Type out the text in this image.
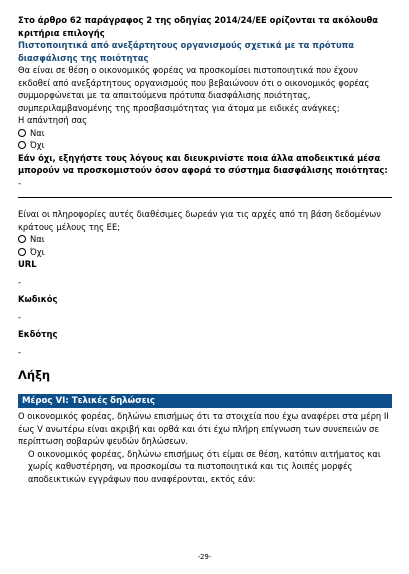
Στο άρθρο 62 παράγραφος 2 της οδηγίας 2014/24/ΕΕ ορίζονται τα ακόλουθα κριτήρια επιλογής

Πιστοποιητικά από ανεξάρτητους οργανισμούς σχετικά με τα πρότυπα διασφάλισης της ποιότητας

Θα είναι σε θέση ο οικονομικός φορέας να προσκομίσει πιστοποιητικά που έχουν εκδοθεί από ανεξάρτητους οργανισμούς που βεβαιώνουν ότι ο οικονομικός φορέας συμμορφώνεται με τα απαιτούμενα πρότυπα διασφάλισης ποιότητας, συμπεριλαμβανομένης της προσβασιμότητας για άτομα με ειδικές ανάγκες;

Η απάντησή σας

Ναι
Όχι

Εάν όχι, εξηγήστε τους λόγους και διευκρινίστε ποια άλλα αποδεικτικά μέσα μπορούν να προσκομιστούν όσον αφορά το σύστημα διασφάλισης ποιότητας:

-

Είναι οι πληροφορίες αυτές διαθέσιμες δωρεάν για τις αρχές από τη βάση δεδομένων κράτους μέλους της ΕΕ;

Ναι
Όχι

URL

-

Κωδικός

-

Εκδότης

-

Λήξη
Μέρος VI: Τελικές δηλώσεις

Ο οικονομικός φορέας, δηλώνω επισήμως ότι τα στοιχεία που έχω αναφέρει στα μέρη ΙΙ έως V ανωτέρω είναι ακριβή και ορθά και ότι έχω πλήρη επίγνωση των συνεπειών σε περίπτωση σοβαρών ψευδών δηλώσεων.

Ο οικονομικός φορέας, δηλώνω επισήμως ότι είμαι σε θέση, κατόπιν αιτήματος και χωρίς καθυστέρηση, να προσκομίσω τα πιστοποιητικά και τις λοιπές μορφές αποδεικτικών εγγράφων που αναφέρονται, εκτός εάν:

-29-
